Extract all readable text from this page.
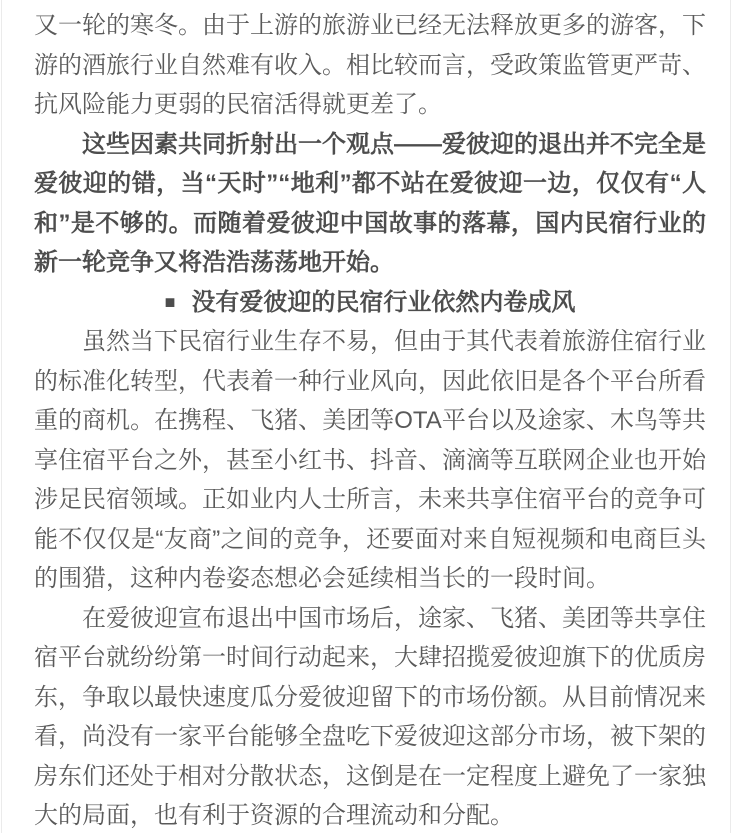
又一轮的寒冬。由于上游的旅游业已经无法释放更多的游客，下游的酒旅行业自然难有收入。相比较而言，受政策监管更严苛、抗风险能力更弱的民宿活得就更差了。

这些因素共同折射出一个观点——爱彼迎的退出并不完全是爱彼迎的错，当“天时”“地利”都不站在爱彼迎一边，仅仅有“人和”是不够的。而随着爱彼迎中国故事的落幕，国内民宿行业的新一轮竞争又将浩浩荡荡地开始。

■ 没有爱彼迎的民宿行业依然内卷成风

虽然当下民宿行业生存不易，但由于其代表着旅游住宿行业的标准化转型，代表着一种行业风向，因此依旧是各个平台所看重的商机。在携程、飞猪、美团等OTA平台以及途家、木鸟等共享住宿平台之外，甚至小红书、抖音、滴滴等互联网企业也开始涉足民宿领域。正如业内人士所言，未来共享住宿平台的竞争可能不仅仅是“友商”之间的竞争，还要面对来自短视频和电商巨头的围猎，这种内卷姿态想必会延续相当长的一段时间。

在爱彼迎宣布退出中国市场后，途家、飞猪、美团等共享住宿平台就纷纷第一时间行动起来，大肆招揽爱彼迎旗下的优质房东，争取以最快速度瓜分爱彼迎留下的市场份额。从目前情况来看，尚没有一家平台能够全盘吃下爱彼迎这部分市场，被下架的房东们还处于相对分散状态，这倒是在一定程度上避免了一家独大的局面，也有利于资源的合理流动和分配。
